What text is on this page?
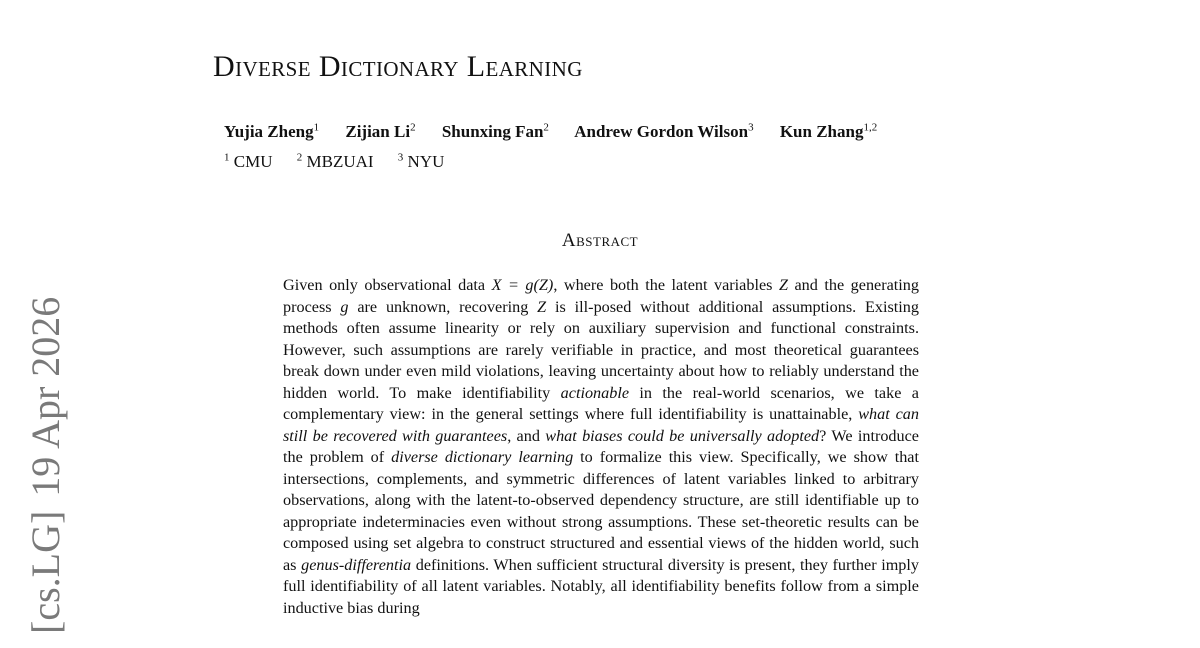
[cs.LG]19 Apr 2026
Diverse Dictionary Learning
Yujia Zheng$^1$ Zijian Li$^2$ Shunxing Fan$^2$ Andrew Gordon Wilson$^3$ Kun Zhang$^{1,2}$
$^1$ CMU $^2$ MBZUAI $^3$ NYU
Abstract

Given only observational data X = g(Z), where both the latent variables Z and the generating process g are unknown, recovering Z is ill-posed without additional assumptions. Existing methods often assume linearity or rely on auxiliary supervision and functional constraints. However, such assumptions are rarely verifiable in practice, and most theoretical guarantees break down under even mild violations, leaving uncertainty about how to reliably understand the hidden world. To make identifiability actionable in the real-world scenarios, we take a complementary view: in the general settings where full identifiability is unattainable, what can still be recovered with guarantees, and what biases could be universally adopted? We introduce the problem of diverse dictionary learning to formalize this view. Specifically, we show that intersections, complements, and symmetric differences of latent variables linked to arbitrary observations, along with the latent-to-observed dependency structure, are still identifiable up to appropriate indeterminacies even without strong assumptions. These set-theoretic results can be composed using set algebra to construct structured and essential views of the hidden world, such as genus-differentia definitions. When sufficient structural diversity is present, they further imply full identifiability of all latent variables. Notably, all identifiability benefits follow from a simple inductive bias during
